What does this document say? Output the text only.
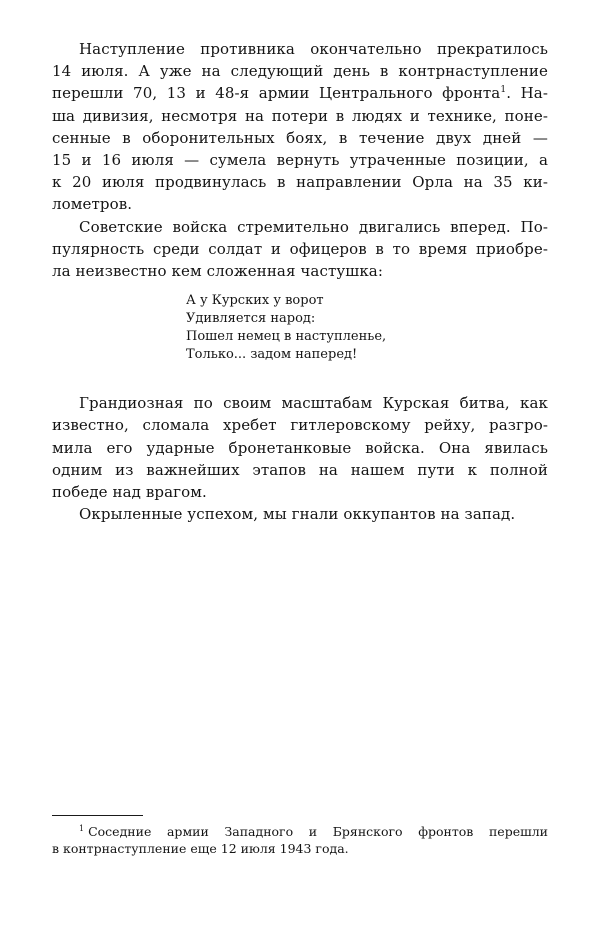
Наступление противника окончательно прекратилось
14 июля. А уже на следующий день в контрнаступление
перешли 70, 13 и 48-я армии Центрального фронта$^1$. На-
ша дивизия, несмотря на потери в людях и технике, поне-
сенные в оборонительных боях, в течение двух дней —
15 и 16 июля — сумела вернуть утраченные позиции, а
к 20 июля продвинулась в направлении Орла на 35 ки-
лометров.

Советские войска стремительно двигались вперед. По-
пулярность среди солдат и офицеров в то время приобре-
ла неизвестно кем сложенная частушка:

А у Курских у ворот
Удивляется народ:
Пошел немец в наступленье,
Только... задом наперед!

Грандиозная по своим масштабам Курская битва, как
известно, сломала хребет гитлеровскому рейху, разгро-
мила его ударные бронетанковые войска. Она явилась
одним из важнейших этапов на нашем пути к полной
победе над врагом.

Окрыленные успехом, мы гнали оккупантов на запад.

$^1$ Соседние армии Западного и Брянского фронтов перешли
в контрнаступление еще 12 июля 1943 года.
